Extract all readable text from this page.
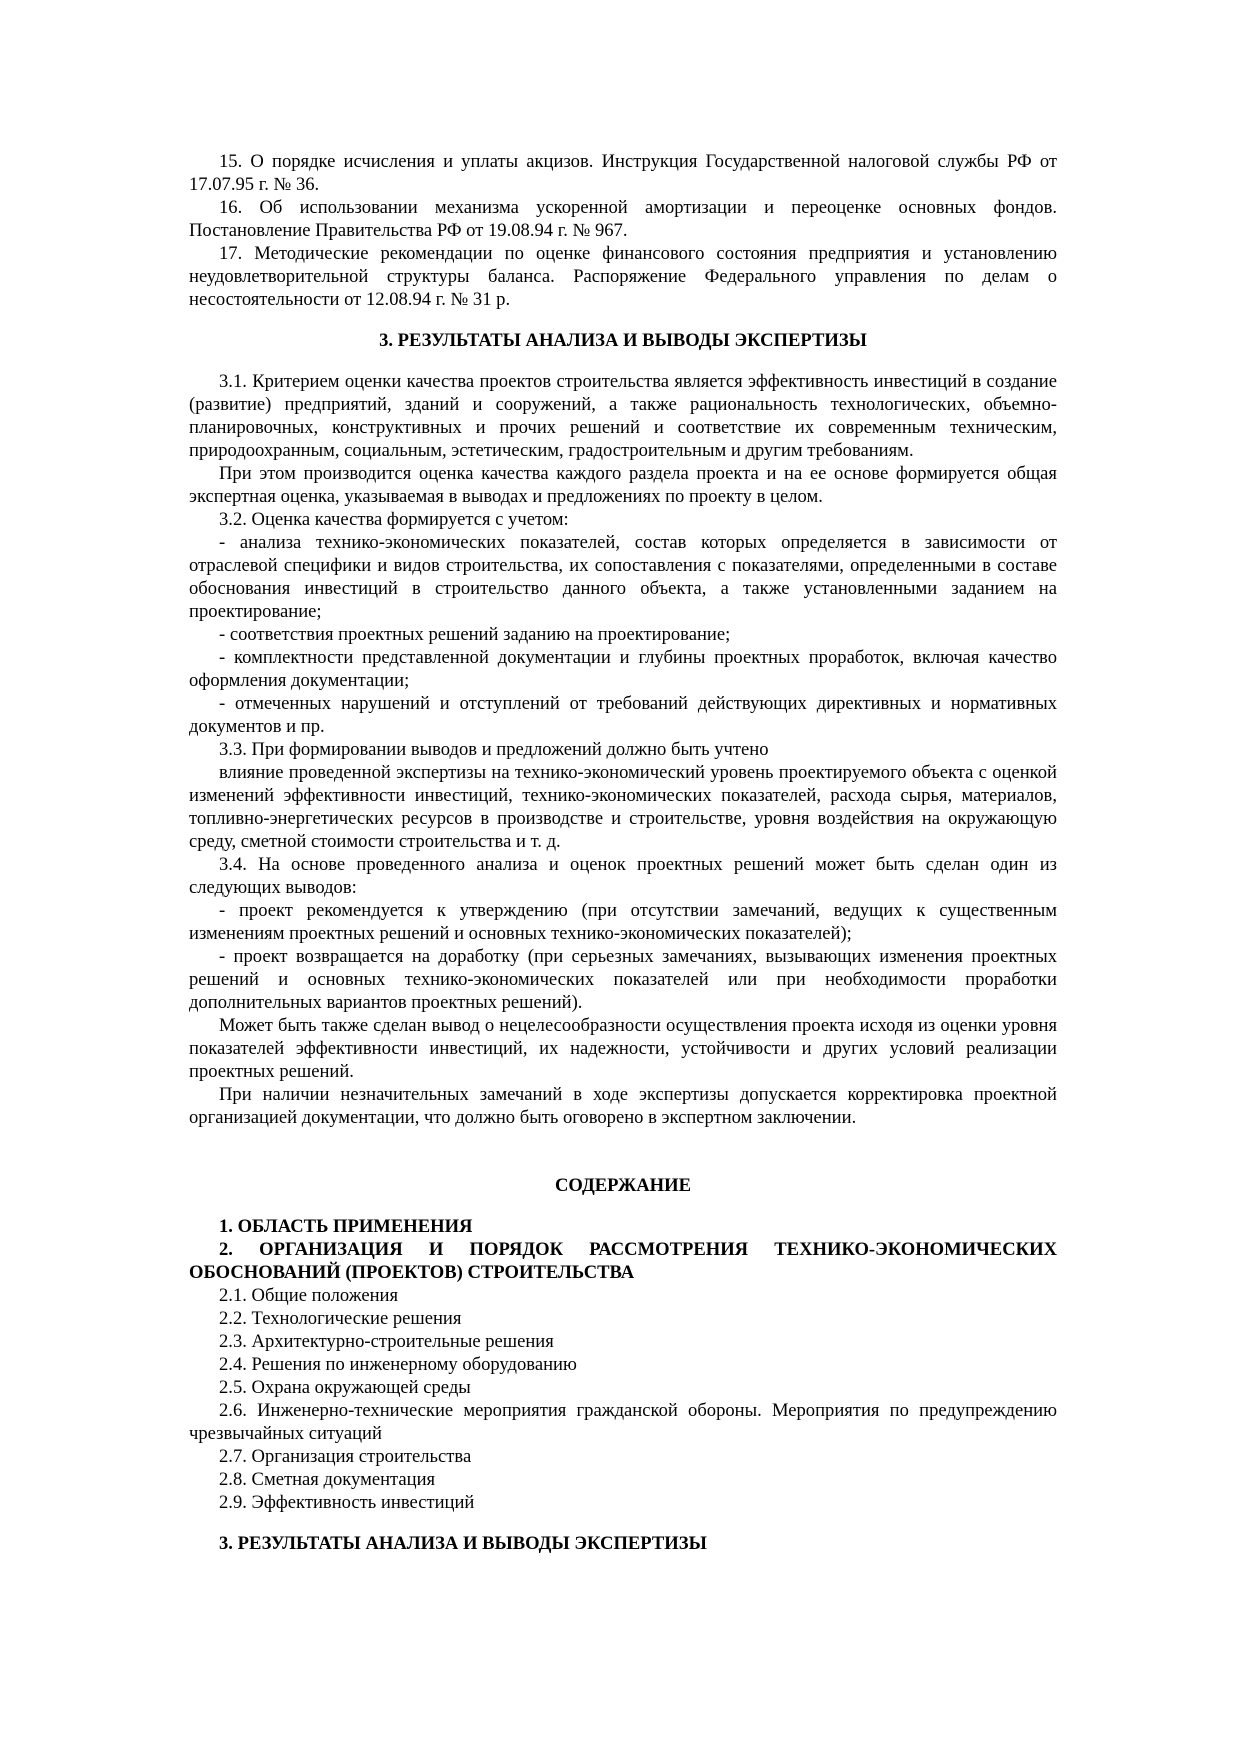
15. О порядке исчисления и уплаты акцизов. Инструкция Государственной налоговой службы РФ от 17.07.95 г. № 36.

16. Об использовании механизма ускоренной амортизации и переоценке основных фондов. Постановление Правительства РФ от 19.08.94 г. № 967.

17. Методические рекомендации по оценке финансового состояния предприятия и установлению неудовлетворительной структуры баланса. Распоряжение Федерального управления по делам о несостоятельности от 12.08.94 г. № 31 р.

3. РЕЗУЛЬТАТЫ АНАЛИЗА И ВЫВОДЫ ЭКСПЕРТИЗЫ

3.1. Критерием оценки качества проектов строительства является эффективность инвестиций в создание (развитие) предприятий, зданий и сооружений, а также рациональность технологических, объемно-планировочных, конструктивных и прочих решений и соответствие их современным техническим, природоохранным, социальным, эстетическим, градостроительным и другим требованиям.

При этом производится оценка качества каждого раздела проекта и на ее основе формируется общая экспертная оценка, указываемая в выводах и предложениях по проекту в целом.

3.2. Оценка качества формируется с учетом:

- анализа технико-экономических показателей, состав которых определяется в зависимости от отраслевой специфики и видов строительства, их сопоставления с показателями, определенными в составе обоснования инвестиций в строительство данного объекта, а также установленными заданием на проектирование;

- соответствия проектных решений заданию на проектирование;

- комплектности представленной документации и глубины проектных проработок, включая качество оформления документации;

- отмеченных нарушений и отступлений от требований действующих директивных и нормативных документов и пр.

3.3. При формировании выводов и предложений должно быть учтено

влияние проведенной экспертизы на технико-экономический уровень проектируемого объекта с оценкой изменений эффективности инвестиций, технико-экономических показателей, расхода сырья, материалов, топливно-энергетических ресурсов в производстве и строительстве, уровня воздействия на окружающую среду, сметной стоимости строительства и т. д.

3.4. На основе проведенного анализа и оценок проектных решений может быть сделан один из следующих выводов:

- проект рекомендуется к утверждению (при отсутствии замечаний, ведущих к существенным изменениям проектных решений и основных технико-экономических показателей);

- проект возвращается на доработку (при серьезных замечаниях, вызывающих изменения проектных решений и основных технико-экономических показателей или при необходимости проработки дополнительных вариантов проектных решений).

Может быть также сделан вывод о нецелесообразности осуществления проекта исходя из оценки уровня показателей эффективности инвестиций, их надежности, устойчивости и других условий реализации проектных решений.

При наличии незначительных замечаний в ходе экспертизы допускается корректировка проектной организацией документации, что должно быть оговорено в экспертном заключении.

СОДЕРЖАНИЕ

1. ОБЛАСТЬ ПРИМЕНЕНИЯ

2. ОРГАНИЗАЦИЯ И ПОРЯДОК РАССМОТРЕНИЯ ТЕХНИКО-ЭКОНОМИЧЕСКИХ ОБОСНОВАНИЙ (ПРОЕКТОВ) СТРОИТЕЛЬСТВА

2.1. Общие положения

2.2. Технологические решения

2.3. Архитектурно-строительные решения

2.4. Решения по инженерному оборудованию

2.5. Охрана окружающей среды

2.6. Инженерно-технические мероприятия гражданской обороны. Мероприятия по предупреждению чрезвычайных ситуаций

2.7. Организация строительства

2.8. Сметная документация

2.9. Эффективность инвестиций

3. РЕЗУЛЬТАТЫ АНАЛИЗА И ВЫВОДЫ ЭКСПЕРТИЗЫ
